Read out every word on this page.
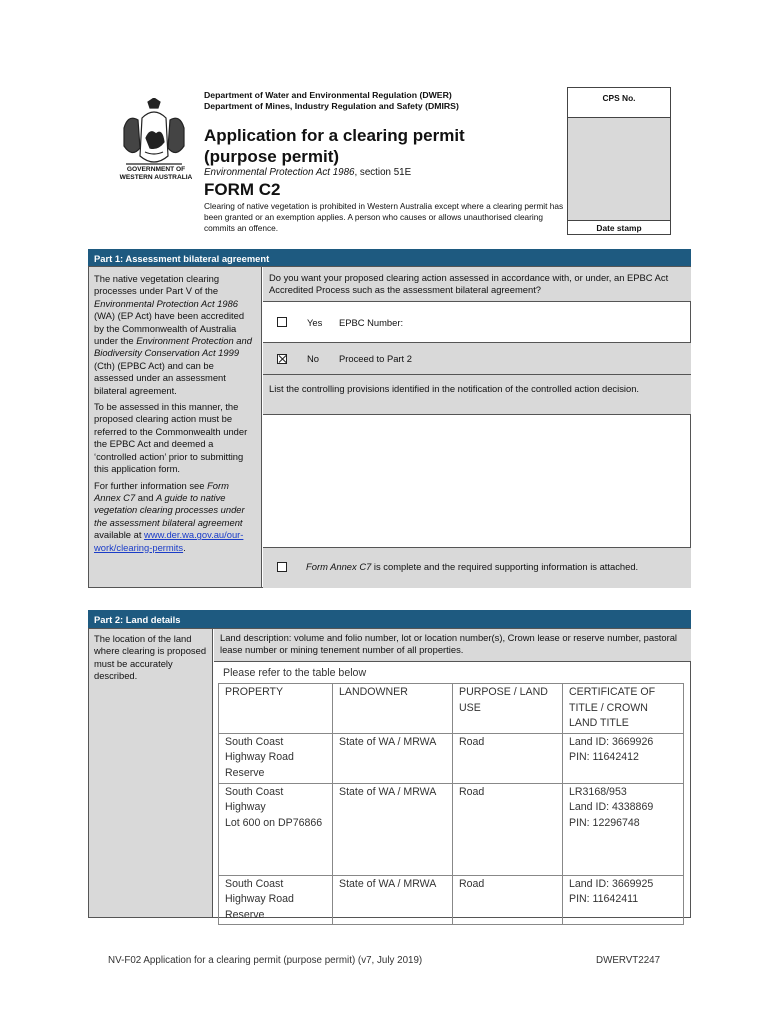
GOVERNMENT OF
WESTERN AUSTRALIA
Department of Water and Environmental Regulation (DWER)
Department of Mines, Industry Regulation and Safety (DMIRS)
Application for a clearing permit
(purpose permit)
Environmental Protection Act 1986, section 51E
FORM C2
Clearing of native vegetation is prohibited in Western Australia except where a clearing permit has been granted or an exemption applies. A person who causes or allows unauthorised clearing commits an offence.
CPS No.
Date stamp
Part 1: Assessment bilateral agreement

The native vegetation clearing processes under Part V of the Environmental Protection Act 1986 (WA) (EP Act) have been accredited by the Commonwealth of Australia under the Environment Protection and Biodiversity Conservation Act 1999 (Cth) (EPBC Act) and can be assessed under an assessment bilateral agreement.

To be assessed in this manner, the proposed clearing action must be referred to the Commonwealth under the EPBC Act and deemed a ‘controlled action’ prior to submitting this application form.

For further information see Form Annex C7 and A guide to native vegetation clearing processes under the assessment bilateral agreement available at www.der.wa.gov.au/our-work/clearing-permits.

Do you want your proposed clearing action assessed in accordance with, or under, an EPBC Act Accredited Process such as the assessment bilateral agreement?
Yes EPBC Number:
No Proceed to Part 2
List the controlling provisions identified in the notification of the controlled action decision.
Form Annex C7 is complete and the required supporting information is attached.
Part 2: Land details
The location of the land where clearing is proposed must be accurately described.
Land description: volume and folio number, lot or location number(s), Crown lease or reserve number, pastoral lease number or mining tenement number of all properties.
Please refer to the table below
PROPERTY	LANDOWNER	PURPOSE / LAND USE	CERTIFICATE OF TITLE / CROWN LAND TITLE
South Coast Highway Road Reserve	State of WA / MRWA	Road	Land ID: 3669926
PIN: 11642412
South Coast Highway
Lot 600 on DP76866	State of WA / MRWA	Road	LR3168/953
Land ID: 4338869
PIN: 12296748
South Coast Highway Road Reserve	State of WA / MRWA	Road	Land ID: 3669925
PIN: 11642411
NV-F02 Application for a clearing permit (purpose permit) (v7, July 2019)	DWERVT2247
